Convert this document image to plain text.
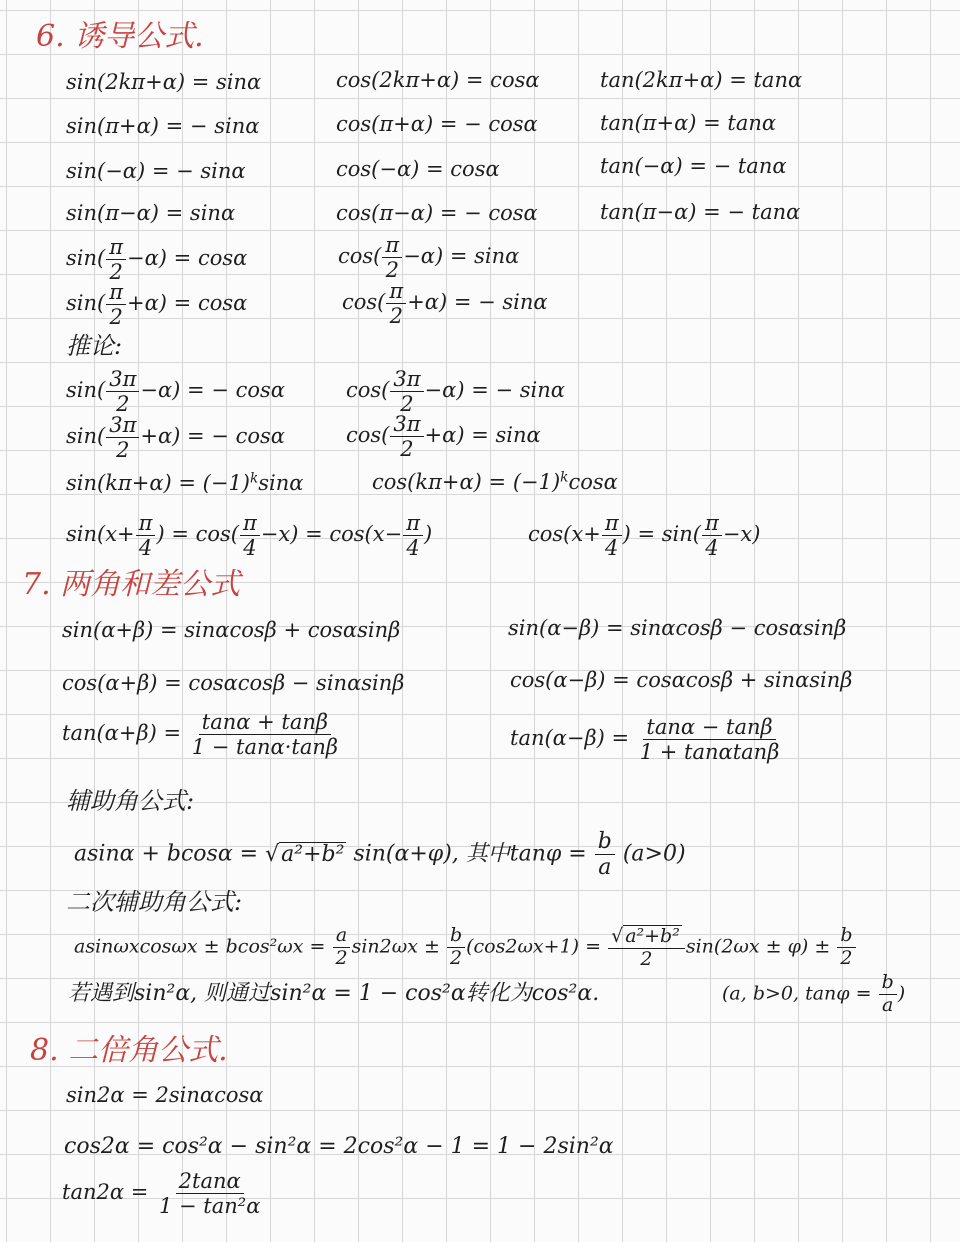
6. 诱导公式.
sin(2kπ+α) = sinα	cos(2kπ+α) = cosα	tan(2kπ+α) = tanα
sin(π+α) = − sinα	cos(π+α) = − cosα	tan(π+α) = tanα
sin(−α) = − sinα	cos(−α) = cosα	tan(−α) = − tanα
sin(π−α) = sinα	cos(π−α) = − cosα	tan(π−α) = − tanα
$\sin( \frac{\pi}{2} -\alpha) = \cos\alpha$	$\cos( \frac{\pi}{2} -\alpha) = \sin\alpha$
$\sin( \frac{\pi}{2} +\alpha) = \cos\alpha$	$\cos( \frac{\pi}{2} +\alpha)$ = − sinα
推论:
$\sin( \frac{3\pi}{2} -\alpha)$ = − cosα	$\cos( \frac{3\pi}{2} -\alpha)$ = − sinα
$\sin( \frac{3\pi}{2} +\alpha)$ = − cosα	$\cos( \frac{3\pi}{2} +\alpha) = \sin\alpha$
$\sin(k\pi+\alpha) = (-1)^k\sin\alpha$	$\cos(k\pi+\alpha) = (-1)^k\cos\alpha$
$\sin(x+ \frac{\pi}{4}$ ) = $\cos( \frac{\pi}{4} -x) = \cos(x- \frac{\pi}{4}$ )	$\cos(x+ \frac{\pi}{4}$ ) = $\sin( \frac{\pi}{4} -x)$
7. 两角和差公式
sin(α+β) = sinαcosβ + cosαsinβ	sin(α−β) = sinαcosβ − cosαsinβ
cos(α+β) = cosαcosβ − sinαsinβ	cos(α−β) = cosαcosβ + sinαsinβ
$\tan(\alpha+\beta) = \frac{\tan\alpha + \tan\beta}{1 - \tan\alpha\cdot\tan\beta}$	$\tan(\alpha-\beta) = \frac{\tan\alpha - \tan\beta}{1 + \tan\alpha\tan\beta}$
辅助角公式:
asinα + bcosα = √a²+b² sin(α+φ), 其中$\tan\varphi = \frac{b}{a} (a>0)$
二次辅助角公式:
$asin\omega xcos\omega x \pm bcos^2\omega x = \frac{a}{2} \sin 2\omega x \pm \frac{b}{2} (\cos 2\omega x+1) = \frac{\text{√ a²+b²}}{2} \sin(2\omega x \pm \varphi) \pm \frac{b}{2}$
(a, b>0, $\tan\varphi = \frac{b}{a}$ )
若遇到sin²α, 则通过sin²α = 1 − cos²α转化为cos²α.
8. 二倍角公式.
sin2α = 2sinαcosα
cos2α = cos²α − sin²α = 2cos²α − 1 = 1 − 2sin²α
$\tan 2\alpha = \frac{2\tan\alpha}{\text{1 − tan²α}}$
